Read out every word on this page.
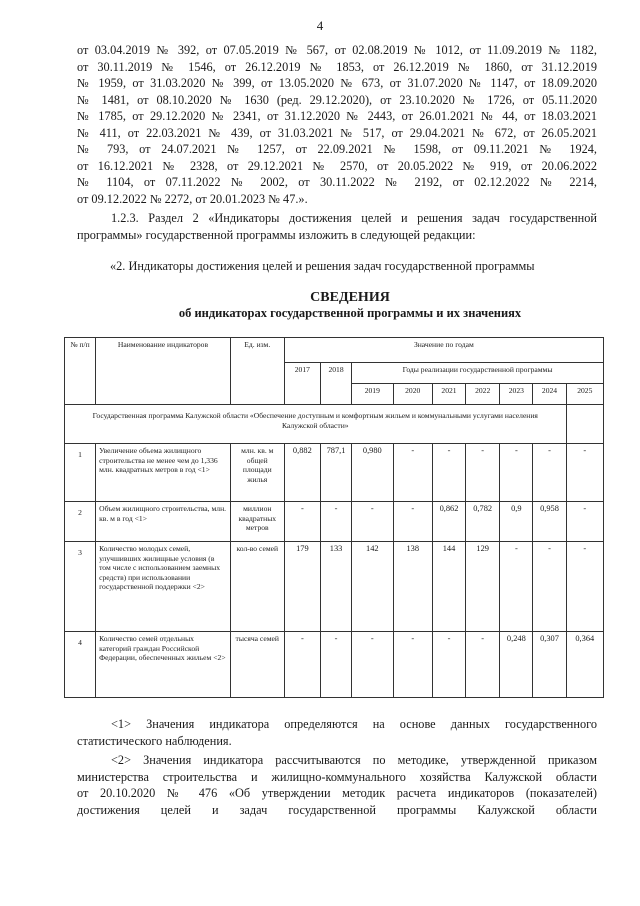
4
от 03.04.2019 № 392, от 07.05.2019 № 567, от 02.08.2019 № 1012, от 11.09.2019 № 1182,
от 30.11.2019 № 1546, от 26.12.2019 № 1853, от 26.12.2019 № 1860, от 31.12.2019
№ 1959, от 31.03.2020 № 399, от 13.05.2020 № 673, от 31.07.2020 № 1147, от 18.09.2020
№ 1481, от 08.10.2020 № 1630 (ред. 29.12.2020), от 23.10.2020 № 1726, от 05.11.2020
№ 1785, от 29.12.2020 № 2341, от 31.12.2020 № 2443, от 26.01.2021 № 44, от 18.03.2021
№ 411, от 22.03.2021 № 439, от 31.03.2021 № 517, от 29.04.2021 № 672, от 26.05.2021
№ 793, от 24.07.2021 № 1257, от 22.09.2021 № 1598, от 09.11.2021 № 1924,
от 16.12.2021 № 2328, от 29.12.2021 № 2570, от 20.05.2022 № 919, от 20.06.2022
№ 1104, от 07.11.2022 № 2002, от 30.11.2022 № 2192, от 02.12.2022 № 2214,
от 09.12.2022 № 2272, от 20.01.2023 № 47.».
1.2.3. Раздел 2 «Индикаторы достижения целей и решения задач государственной
программы» государственной программы изложить в следующей редакции:
«2. Индикаторы достижения целей и решения задач государственной программы
СВЕДЕНИЯ
об индикаторах государственной программы и их значениях
№ п/п	Наименование индикаторов	Ед. изм.	Значение по годам								
			2017	2018	Годы реализации государственной программы						
					2019	2020	2021	2022	2023	2024	2025
Государственная программа Калужской области «Обеспечение доступным и комфортным жильем и коммунальными услугами населения Калужской области»											
1	Увеличение объема жилищного строительства не менее чем до 1,336 млн. квадратных метров в год <1>	млн. кв. м общей площади жилья	0,882	787,1	0,980	-	-	-	-	-	-
2	Объем жилищного строительства, млн. кв. м в год <1>	миллион квадратных метров	-	-	-	-	0,862	0,782	0,9	0,958	-
3	Количество молодых семей, улучшивших жилищные условия (в том числе с использованием заемных средств) при использовании государственной поддержки <2>	кол-во семей	179	133	142	138	144	129	-	-	-
4	Количество семей отдельных категорий граждан Российской Федерации, обеспеченных жильем <2>	тысяча семей	-	-	-	-	-	-	0,248	0,307	0,364
<1> Значения индикатора определяются на основе данных государственного
статистического наблюдения.
<2> Значения индикатора рассчитываются по методике, утвержденной приказом
министерства строительства и жилищно-коммунального хозяйства Калужской области
от 20.10.2020 № 476 «Об утверждении методик расчета индикаторов (показателей)
достижения целей и задач государственной программы Калужской области
